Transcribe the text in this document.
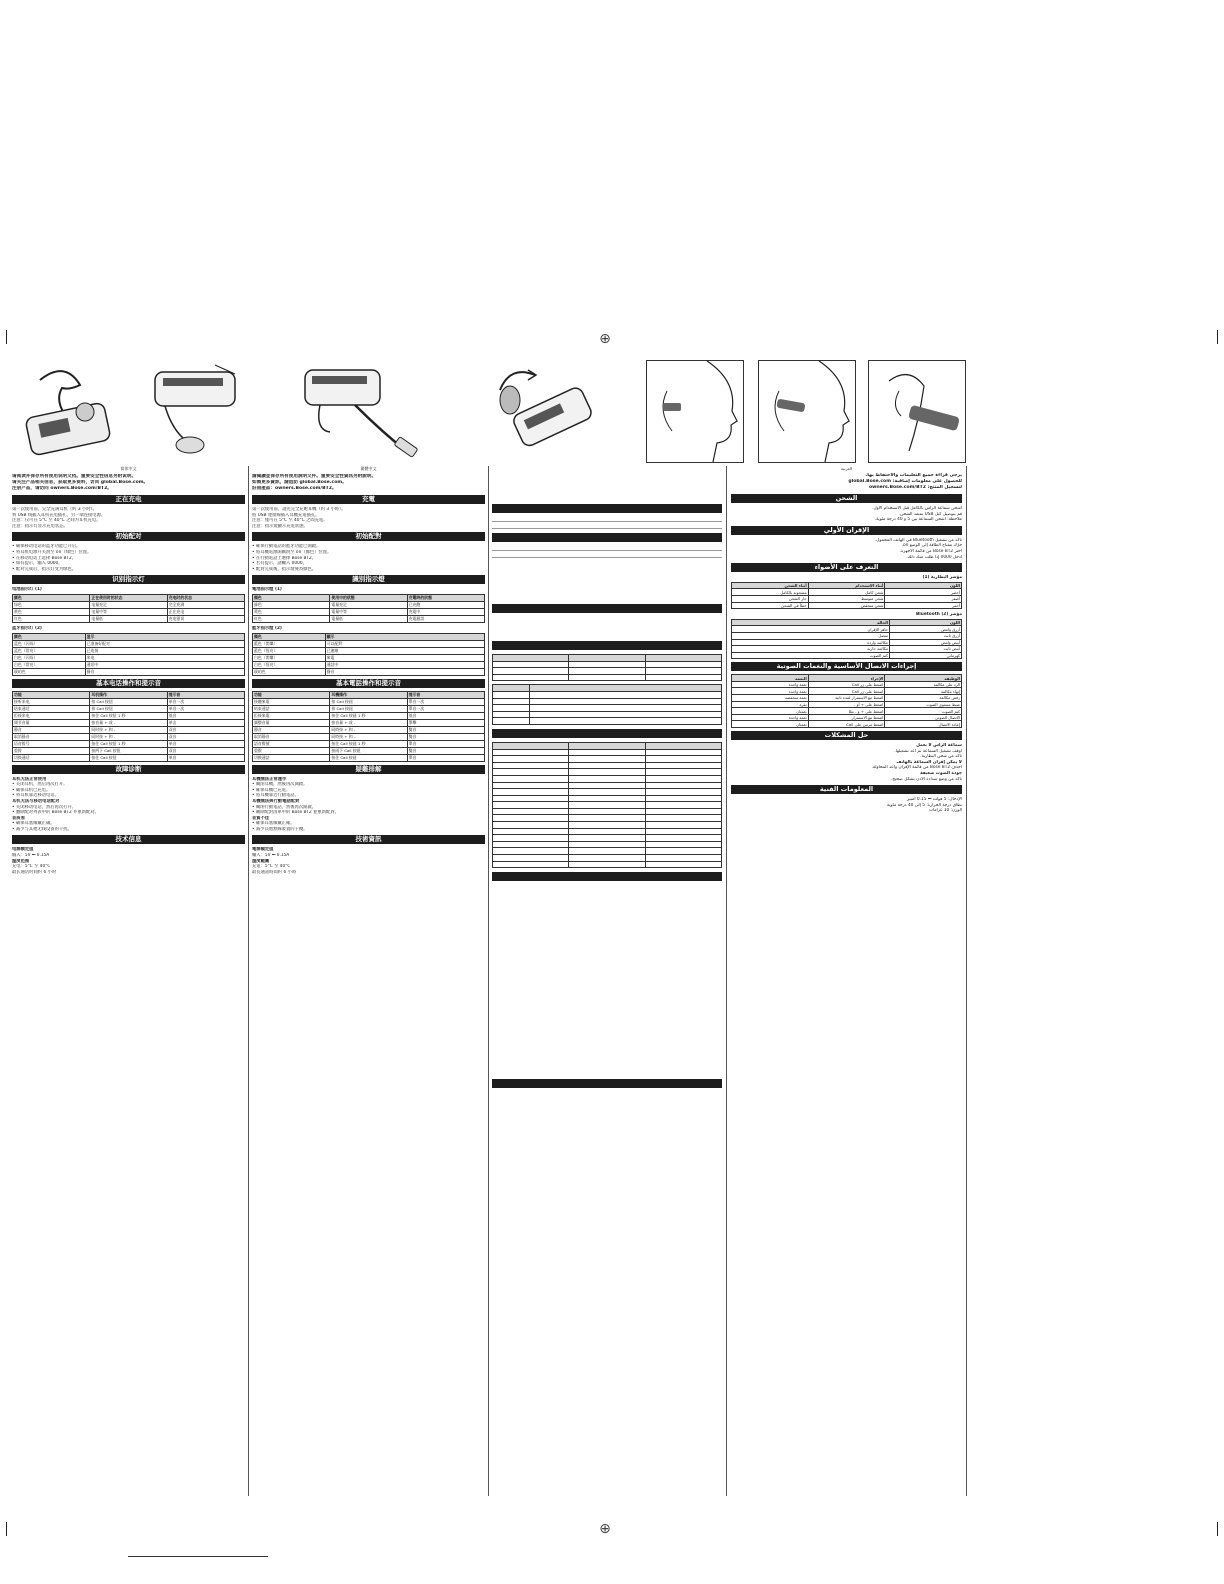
⊕
⊕
简体中文
请阅读并保存所有使用说明文档。重要安全性信息另附说明。
请关注产品相关信息，获取更多资料，访问 global.Bose.com。
注册产品，请访问 owners.Bose.com/BT2。
正在充电
第一次使用前，完全充满耳机（约 3 小时）。
将 USB 线插入耳机充电插孔，另一端连接电源。
注意：仅可在 5°C 至 40°C 之间为耳机充电。
注意：指示灯显示充电状态。
初始配对
• 确保移动电话的蓝牙功能已开启。
• 将耳机电源开关滑至 on（绿色）位置。
• 在移动电话上选择 Bose BT2。
• 如有提示，输入 0000。
• 配对完成后，指示灯变为绿色。
识别指示灯
电池指示灯 (1)
颜色	正在使用时的状态	充电时的状态
绿色	电量充足	完全充满
黄色	电量中等	正在充电
红色	电量低	充电错误
蓝牙指示灯 (2)
颜色	显示
蓝色（闪烁）	已准备好配对
蓝色（常亮）	已连接
白色（闪烁）	来电
白色（常亮）	通话中
琥珀色	静音
基本电话操作和提示音
功能	耳机操作	提示音
接听来电	按 Call 按钮	单音一次
结束通话	按 Call 按钮	单音一次
拒接来电	按住 Call 按钮 1 秒	低音
调节音量	按音量 + 或 -	单击
静音	同时按 + 和 -	双音
取消静音	同时按 + 和 -	双音
语音拨号	按住 Call 按钮 1 秒	单音
重拨	按两下 Call 按钮	双音
切换通话	按住 Call 按钮	单音
故障诊断
耳机无法正常使用
• 关闭耳机，然后再次打开。
• 确保耳机已充电。
• 将耳机靠近移动电话。
耳机无法与移动电话配对
• 关闭移动电话，然后再次打开。
• 删除配对列表中的 Bose BT2 并重新配对。
音质差
• 确保耳塞佩戴正确。
• 减少与其他无线设备的干扰。
技术信息
电源额定值
输入：5V ⎓ 0.15A
温度范围
充电：5°C 至 40°C
最长通话时间约 6 小时
繁體中文
請閱讀並保存所有使用說明文件。重要安全性資訊另附說明。
如需更多資訊，請造訪 global.Bose.com。
註冊產品：owners.Bose.com/BT2。
充電
第一次使用前，請先完全充飽耳機（約 3 小時）。
將 USB 連接線插入耳機充電插孔。
注意：僅可在 5°C 至 40°C 之間充電。
注意：指示燈顯示充電狀態。
初始配對
• 確保行動電話的藍牙功能已開啟。
• 將耳機電源開關滑至 on（綠色）位置。
• 在行動電話上選擇 Bose BT2。
• 若有提示，請輸入 0000。
• 配對完成後，指示燈變為綠色。
識別指示燈
電池指示燈 (1)
顏色	使用中的狀態	充電時的狀態
綠色	電量充足	已充飽
黃色	電量中等	充電中
紅色	電量低	充電錯誤
藍牙指示燈 (2)
顏色	顯示
藍色（閃爍）	可以配對
藍色（恆亮）	已連線
白色（閃爍）	來電
白色（恆亮）	通話中
琥珀色	靜音
基本電話操作和提示音
功能	耳機操作	提示音
接聽來電	按 Call 按鈕	單音一次
結束通話	按 Call 按鈕	單音一次
拒接來電	按住 Call 按鈕 1 秒	低音
調整音量	按音量 + 或 -	單擊
靜音	同時按 + 和 -	雙音
取消靜音	同時按 + 和 -	雙音
語音撥號	按住 Call 按鈕 1 秒	單音
重撥	按兩下 Call 按鈕	雙音
切換通話	按住 Call 按鈕	單音
疑難排解
耳機無法正常運作
• 關閉耳機，然後再次開啟。
• 確保耳機已充電。
• 將耳機靠近行動電話。
耳機無法與行動電話配對
• 關閉行動電話，然後再次開啟。
• 刪除配對清單中的 Bose BT2 並重新配對。
音質不佳
• 確保耳塞佩戴正確。
• 減少其他無線裝置的干擾。
技術資訊
電源額定值
輸入：5V ⎓ 0.15A
溫度範圍
充電：5°C 至 40°C
最長通話時間約 6 小時

العربية
يرجى قراءة جميع التعليمات والاحتفاظ بها.
للحصول على معلومات إضافية: global.Bose.com
لتسجيل المنتج: owners.Bose.com/BT2
الشحن
اشحن سماعة الرأس بالكامل قبل الاستخدام الأول.
قم بتوصيل كبل USB بمنفذ الشحن.
ملاحظة: اشحن السماعة بين 5 و 40 درجة مئوية.
الإقران الأولي
تأكد من تشغيل Bluetooth في الهاتف المحمول.
حرّك مفتاح الطاقة إلى الوضع on.
اختر Bose BT2 من قائمة الأجهزة.
أدخل 0000 إذا طُلب منك ذلك.
التعرف على الأضواء
مؤشر البطارية (1)
اللون	أثناء الاستخدام	أثناء الشحن
أخضر	شحن كامل	مشحونة بالكامل
أصفر	شحن متوسط	جارِ الشحن
أحمر	شحن منخفض	خطأ في الشحن
مؤشر Bluetooth (2)
اللون	الحالة
أزرق وامض	جاهز للإقران
أزرق ثابت	متصل
أبيض وامض	مكالمة واردة
أبيض ثابت	مكالمة جارية
كهرماني	كتم الصوت
إجراءات الاتصال الأساسية والنغمات الصوتية
الوظيفة	الإجراء	النغمة
الرد على مكالمة	اضغط على زر Call	نغمة واحدة
إنهاء مكالمة	اضغط على زر Call	نغمة واحدة
رفض مكالمة	اضغط مع الاستمرار لمدة ثانية	نغمة منخفضة
ضبط مستوى الصوت	اضغط على + أو -	نقرة
كتم الصوت	اضغط على + و - معًا	نغمتان
الاتصال الصوتي	اضغط مع الاستمرار	نغمة واحدة
إعادة الاتصال	اضغط مرتين على Call	نغمتان
حل المشكلات
سماعة الرأس لا تعمل
أوقف تشغيل السماعة ثم أعد تشغيلها.
تأكد من شحن البطارية.
لا يمكن إقران السماعة بالهاتف
احذف Bose BT2 من قائمة الإقران وأعد المحاولة.
جودة الصوت ضعيفة
تأكد من وضع سدادة الأذن بشكل صحيح.
المعلومات الفنية
الإدخال: 5 فولت ⎓ 0.15 أمبير
نطاق درجة الحرارة: 5 إلى 40 درجة مئوية
الوزن: 10 غرامات
